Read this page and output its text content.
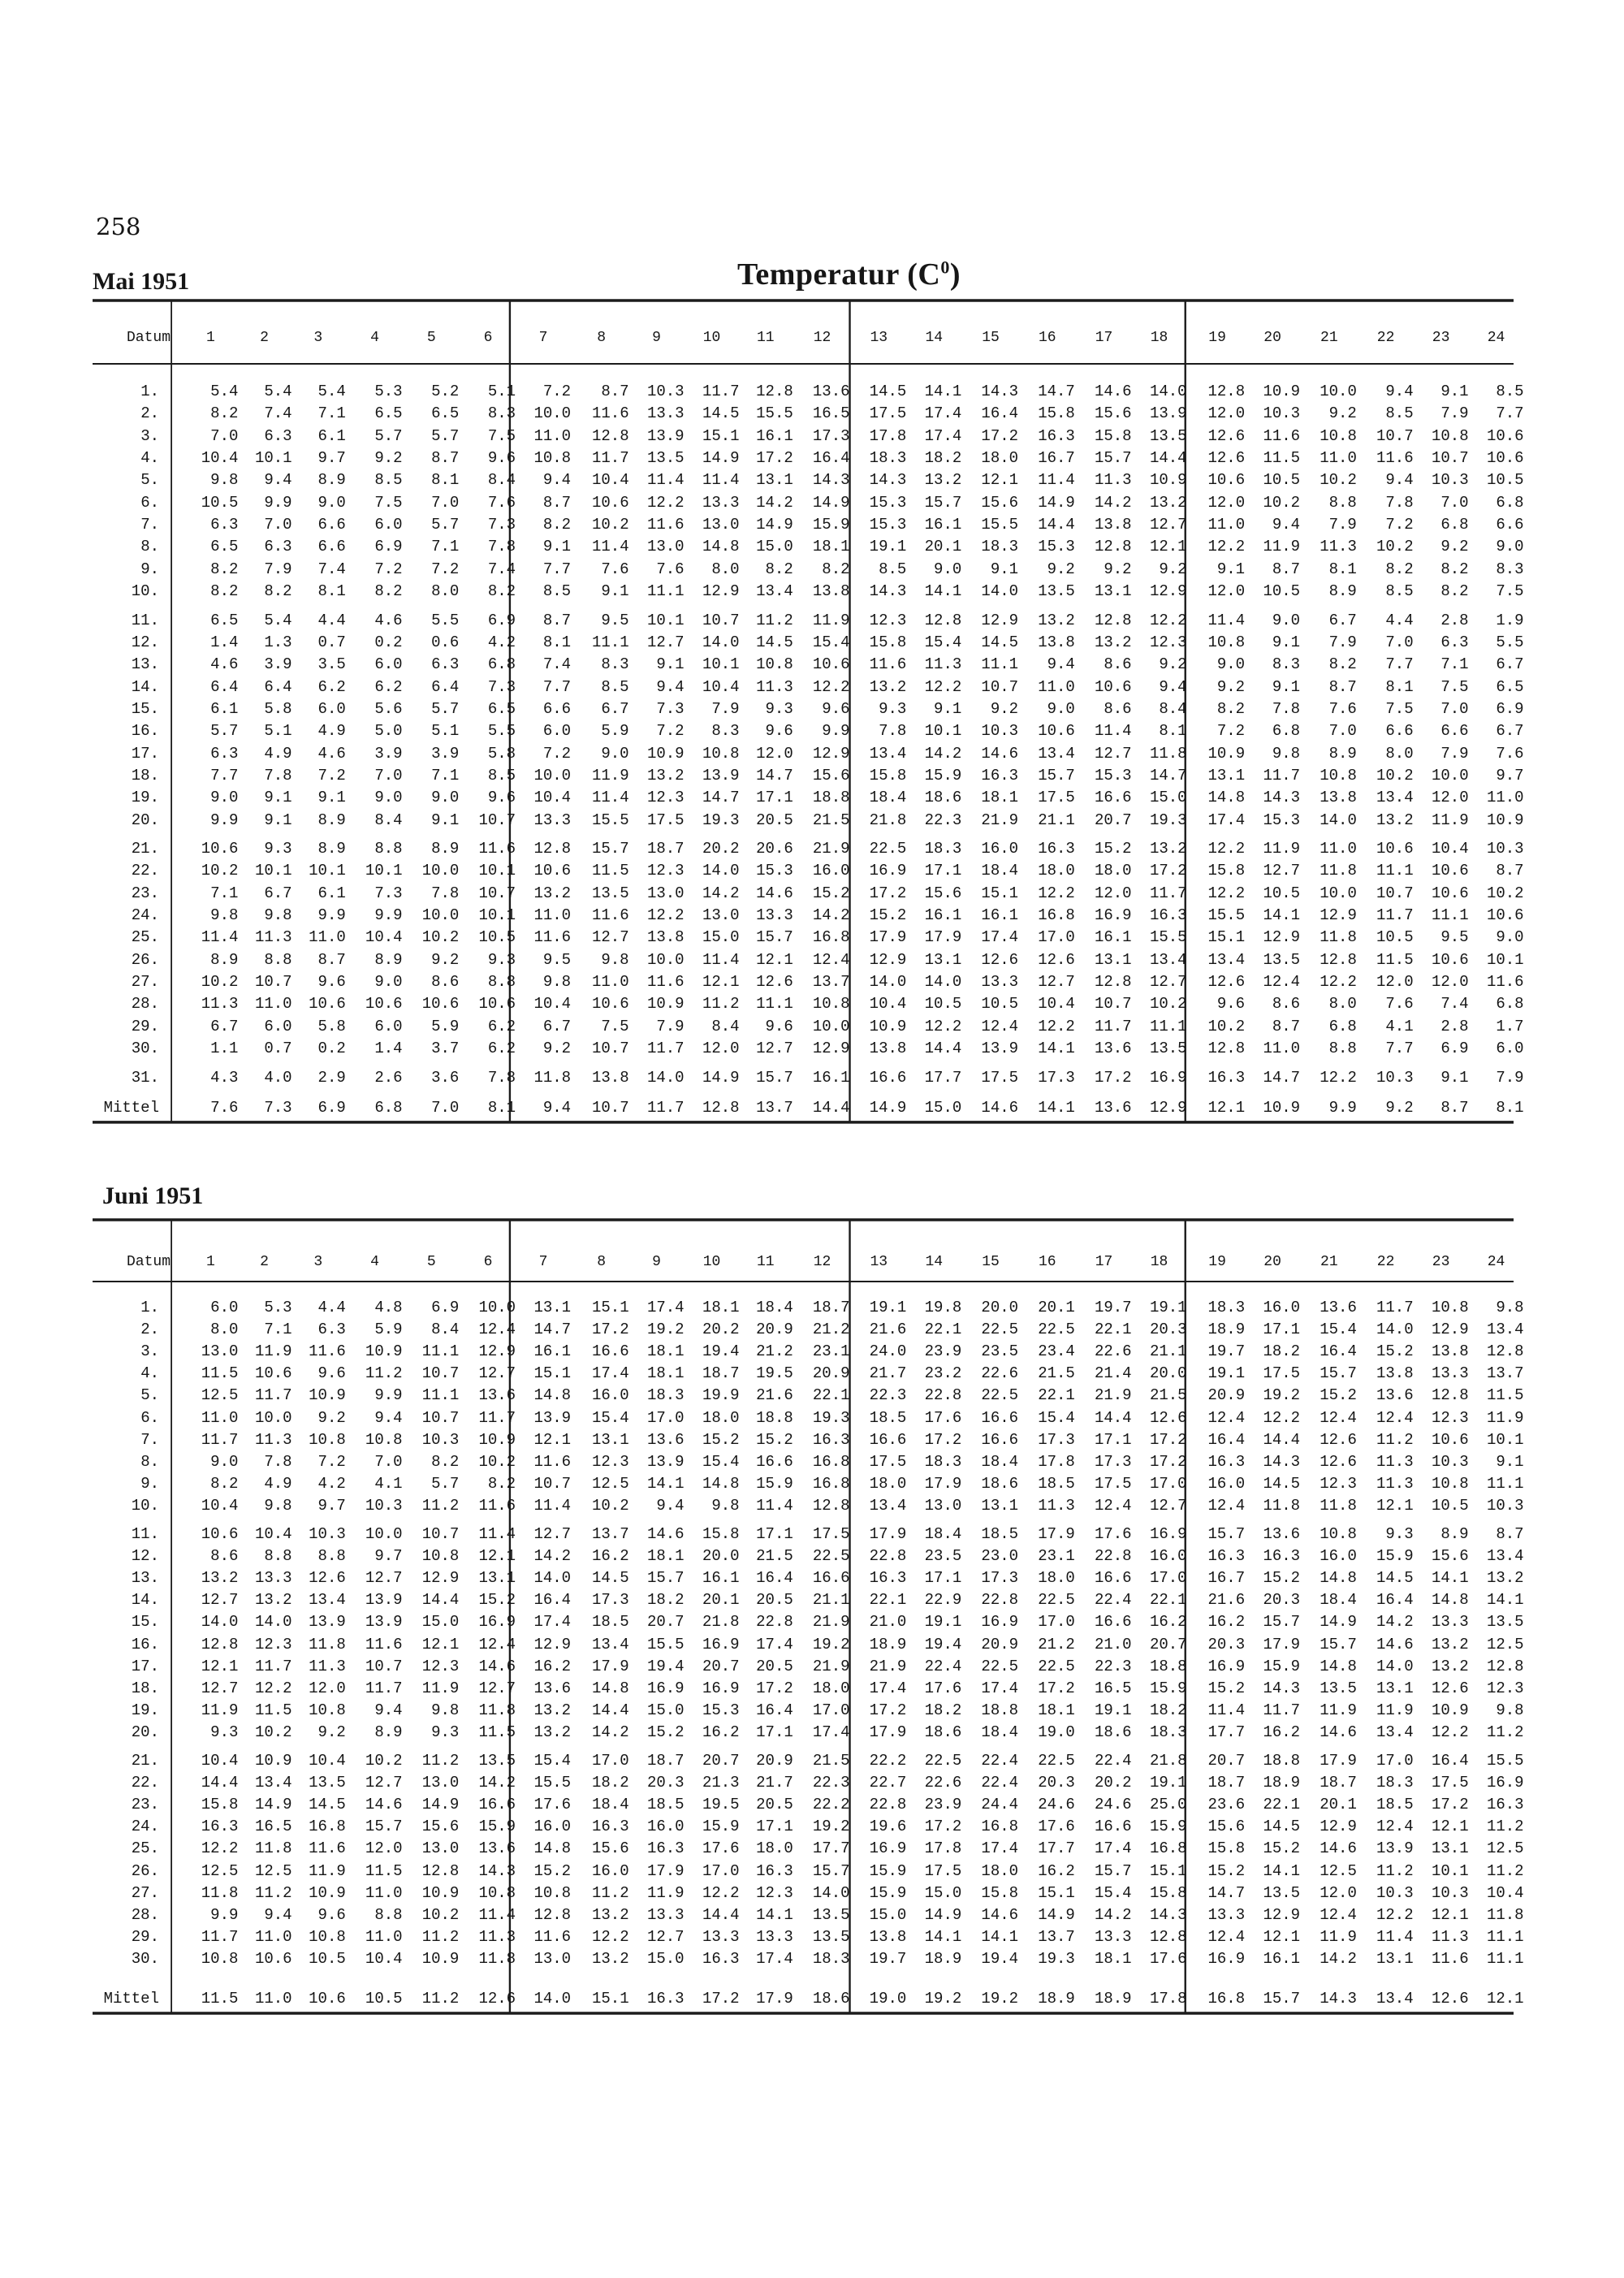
258
Mai 1951	Temperatur $(C^0)$
Juni 1951
Datum	1	2	3	4	5	6	7	8	9	10	11	12	13	14	15	16	17	18	19	20	21	22	23	24
1.	5.4	5.4	5.4	5.3	5.2	5.1	7.2	8.7	10.3	11.7	12.8	13.6	14.5	14.1	14.3	14.7	14.6	14.0	12.8	10.9	10.0	9.4	9.1	8.5
2.	8.2	7.4	7.1	6.5	6.5	8.3	10.0	11.6	13.3	14.5	15.5	16.5	17.5	17.4	16.4	15.8	15.6	13.9	12.0	10.3	9.2	8.5	7.9	7.7
3.	7.0	6.3	6.1	5.7	5.7	7.5	11.0	12.8	13.9	15.1	16.1	17.3	17.8	17.4	17.2	16.3	15.8	13.5	12.6	11.6	10.8	10.7	10.8	10.6
4.	10.4	10.1	9.7	9.2	8.7	9.6	10.8	11.7	13.5	14.9	17.2	16.4	18.3	18.2	18.0	16.7	15.7	14.4	12.6	11.5	11.0	11.6	10.7	10.6
5.	9.8	9.4	8.9	8.5	8.1	8.4	9.4	10.4	11.4	11.4	13.1	14.3	14.3	13.2	12.1	11.4	11.3	10.9	10.6	10.5	10.2	9.4	10.3	10.5
6.	10.5	9.9	9.0	7.5	7.0	7.6	8.7	10.6	12.2	13.3	14.2	14.9	15.3	15.7	15.6	14.9	14.2	13.2	12.0	10.2	8.8	7.8	7.0	6.8
7.	6.3	7.0	6.6	6.0	5.7	7.3	8.2	10.2	11.6	13.0	14.9	15.9	15.3	16.1	15.5	14.4	13.8	12.7	11.0	9.4	7.9	7.2	6.8	6.6
8.	6.5	6.3	6.6	6.9	7.1	7.8	9.1	11.4	13.0	14.8	15.0	18.1	19.1	20.1	18.3	15.3	12.8	12.1	12.2	11.9	11.3	10.2	9.2	9.0
9.	8.2	7.9	7.4	7.2	7.2	7.4	7.7	7.6	7.6	8.0	8.2	8.2	8.5	9.0	9.1	9.2	9.2	9.2	9.1	8.7	8.1	8.2	8.2	8.3
10.	8.2	8.2	8.1	8.2	8.0	8.2	8.5	9.1	11.1	12.9	13.4	13.8	14.3	14.1	14.0	13.5	13.1	12.9	12.0	10.5	8.9	8.5	8.2	7.5
11.	6.5	5.4	4.4	4.6	5.5	6.9	8.7	9.5	10.1	10.7	11.2	11.9	12.3	12.8	12.9	13.2	12.8	12.2	11.4	9.0	6.7	4.4	2.8	1.9
12.	1.4	1.3	0.7	0.2	0.6	4.2	8.1	11.1	12.7	14.0	14.5	15.4	15.8	15.4	14.5	13.8	13.2	12.3	10.8	9.1	7.9	7.0	6.3	5.5
13.	4.6	3.9	3.5	6.0	6.3	6.8	7.4	8.3	9.1	10.1	10.8	10.6	11.6	11.3	11.1	9.4	8.6	9.2	9.0	8.3	8.2	7.7	7.1	6.7
14.	6.4	6.4	6.2	6.2	6.4	7.3	7.7	8.5	9.4	10.4	11.3	12.2	13.2	12.2	10.7	11.0	10.6	9.4	9.2	9.1	8.7	8.1	7.5	6.5
15.	6.1	5.8	6.0	5.6	5.7	6.5	6.6	6.7	7.3	7.9	9.3	9.6	9.3	9.1	9.2	9.0	8.6	8.4	8.2	7.8	7.6	7.5	7.0	6.9
16.	5.7	5.1	4.9	5.0	5.1	5.5	6.0	5.9	7.2	8.3	9.6	9.9	7.8	10.1	10.3	10.6	11.4	8.1	7.2	6.8	7.0	6.6	6.6	6.7
17.	6.3	4.9	4.6	3.9	3.9	5.8	7.2	9.0	10.9	10.8	12.0	12.9	13.4	14.2	14.6	13.4	12.7	11.8	10.9	9.8	8.9	8.0	7.9	7.6
18.	7.7	7.8	7.2	7.0	7.1	8.5	10.0	11.9	13.2	13.9	14.7	15.6	15.8	15.9	16.3	15.7	15.3	14.7	13.1	11.7	10.8	10.2	10.0	9.7
19.	9.0	9.1	9.1	9.0	9.0	9.6	10.4	11.4	12.3	14.7	17.1	18.8	18.4	18.6	18.1	17.5	16.6	15.0	14.8	14.3	13.8	13.4	12.0	11.0
20.	9.9	9.1	8.9	8.4	9.1	10.7	13.3	15.5	17.5	19.3	20.5	21.5	21.8	22.3	21.9	21.1	20.7	19.3	17.4	15.3	14.0	13.2	11.9	10.9
21.	10.6	9.3	8.9	8.8	8.9	11.6	12.8	15.7	18.7	20.2	20.6	21.9	22.5	18.3	16.0	16.3	15.2	13.2	12.2	11.9	11.0	10.6	10.4	10.3
22.	10.2	10.1	10.1	10.1	10.0	10.1	10.6	11.5	12.3	14.0	15.3	16.0	16.9	17.1	18.4	18.0	18.0	17.2	15.8	12.7	11.8	11.1	10.6	8.7
23.	7.1	6.7	6.1	7.3	7.8	10.7	13.2	13.5	13.0	14.2	14.6	15.2	17.2	15.6	15.1	12.2	12.0	11.7	12.2	10.5	10.0	10.7	10.6	10.2
24.	9.8	9.8	9.9	9.9	10.0	10.1	11.0	11.6	12.2	13.0	13.3	14.2	15.2	16.1	16.1	16.8	16.9	16.3	15.5	14.1	12.9	11.7	11.1	10.6
25.	11.4	11.3	11.0	10.4	10.2	10.5	11.6	12.7	13.8	15.0	15.7	16.8	17.9	17.9	17.4	17.0	16.1	15.5	15.1	12.9	11.8	10.5	9.5	9.0
26.	8.9	8.8	8.7	8.9	9.2	9.3	9.5	9.8	10.0	11.4	12.1	12.4	12.9	13.1	12.6	12.6	13.1	13.4	13.4	13.5	12.8	11.5	10.6	10.1
27.	10.2	10.7	9.6	9.0	8.6	8.8	9.8	11.0	11.6	12.1	12.6	13.7	14.0	14.0	13.3	12.7	12.8	12.7	12.6	12.4	12.2	12.0	12.0	11.6
28.	11.3	11.0	10.6	10.6	10.6	10.6	10.4	10.6	10.9	11.2	11.1	10.8	10.4	10.5	10.5	10.4	10.7	10.2	9.6	8.6	8.0	7.6	7.4	6.8
29.	6.7	6.0	5.8	6.0	5.9	6.2	6.7	7.5	7.9	8.4	9.6	10.0	10.9	12.2	12.4	12.2	11.7	11.1	10.2	8.7	6.8	4.1	2.8	1.7
30.	1.1	0.7	0.2	1.4	3.7	6.2	9.2	10.7	11.7	12.0	12.7	12.9	13.8	14.4	13.9	14.1	13.6	13.5	12.8	11.0	8.8	7.7	6.9	6.0
31.	4.3	4.0	2.9	2.6	3.6	7.8	11.8	13.8	14.0	14.9	15.7	16.1	16.6	17.7	17.5	17.3	17.2	16.9	16.3	14.7	12.2	10.3	9.1	7.9
Mittel	7.6	7.3	6.9	6.8	7.0	8.1	9.4	10.7	11.7	12.8	13.7	14.4	14.9	15.0	14.6	14.1	13.6	12.9	12.1	10.9	9.9	9.2	8.7	8.1
Datum	1	2	3	4	5	6	7	8	9	10	11	12	13	14	15	16	17	18	19	20	21	22	23	24
1.	6.0	5.3	4.4	4.8	6.9	10.0	13.1	15.1	17.4	18.1	18.4	18.7	19.1	19.8	20.0	20.1	19.7	19.1	18.3	16.0	13.6	11.7	10.8	9.8
2.	8.0	7.1	6.3	5.9	8.4	12.4	14.7	17.2	19.2	20.2	20.9	21.2	21.6	22.1	22.5	22.5	22.1	20.3	18.9	17.1	15.4	14.0	12.9	13.4
3.	13.0	11.9	11.6	10.9	11.1	12.9	16.1	16.6	18.1	19.4	21.2	23.1	24.0	23.9	23.5	23.4	22.6	21.1	19.7	18.2	16.4	15.2	13.8	12.8
4.	11.5	10.6	9.6	11.2	10.7	12.7	15.1	17.4	18.1	18.7	19.5	20.9	21.7	23.2	22.6	21.5	21.4	20.0	19.1	17.5	15.7	13.8	13.3	13.7
5.	12.5	11.7	10.9	9.9	11.1	13.6	14.8	16.0	18.3	19.9	21.6	22.1	22.3	22.8	22.5	22.1	21.9	21.5	20.9	19.2	15.2	13.6	12.8	11.5
6.	11.0	10.0	9.2	9.4	10.7	11.7	13.9	15.4	17.0	18.0	18.8	19.3	18.5	17.6	16.6	15.4	14.4	12.6	12.4	12.2	12.4	12.4	12.3	11.9
7.	11.7	11.3	10.8	10.8	10.3	10.9	12.1	13.1	13.6	15.2	15.2	16.3	16.6	17.2	16.6	17.3	17.1	17.2	16.4	14.4	12.6	11.2	10.6	10.1
8.	9.0	7.8	7.2	7.0	8.2	10.2	11.6	12.3	13.9	15.4	16.6	16.8	17.5	18.3	18.4	17.8	17.3	17.2	16.3	14.3	12.6	11.3	10.3	9.1
9.	8.2	4.9	4.2	4.1	5.7	8.2	10.7	12.5	14.1	14.8	15.9	16.8	18.0	17.9	18.6	18.5	17.5	17.0	16.0	14.5	12.3	11.3	10.8	11.1
10.	10.4	9.8	9.7	10.3	11.2	11.6	11.4	10.2	9.4	9.8	11.4	12.8	13.4	13.0	13.1	11.3	12.4	12.7	12.4	11.8	11.8	12.1	10.5	10.3
11.	10.6	10.4	10.3	10.0	10.7	11.4	12.7	13.7	14.6	15.8	17.1	17.5	17.9	18.4	18.5	17.9	17.6	16.9	15.7	13.6	10.8	9.3	8.9	8.7
12.	8.6	8.8	8.8	9.7	10.8	12.1	14.2	16.2	18.1	20.0	21.5	22.5	22.8	23.5	23.0	23.1	22.8	16.0	16.3	16.3	16.0	15.9	15.6	13.4
13.	13.2	13.3	12.6	12.7	12.9	13.1	14.0	14.5	15.7	16.1	16.4	16.6	16.3	17.1	17.3	18.0	16.6	17.0	16.7	15.2	14.8	14.5	14.1	13.2
14.	12.7	13.2	13.4	13.9	14.4	15.2	16.4	17.3	18.2	20.1	20.5	21.1	22.1	22.9	22.8	22.5	22.4	22.1	21.6	20.3	18.4	16.4	14.8	14.1
15.	14.0	14.0	13.9	13.9	15.0	16.9	17.4	18.5	20.7	21.8	22.8	21.9	21.0	19.1	16.9	17.0	16.6	16.2	16.2	15.7	14.9	14.2	13.3	13.5
16.	12.8	12.3	11.8	11.6	12.1	12.4	12.9	13.4	15.5	16.9	17.4	19.2	18.9	19.4	20.9	21.2	21.0	20.7	20.3	17.9	15.7	14.6	13.2	12.5
17.	12.1	11.7	11.3	10.7	12.3	14.6	16.2	17.9	19.4	20.7	20.5	21.9	21.9	22.4	22.5	22.5	22.3	18.8	16.9	15.9	14.8	14.0	13.2	12.8
18.	12.7	12.2	12.0	11.7	11.9	12.7	13.6	14.8	16.9	16.9	17.2	18.0	17.4	17.6	17.4	17.2	16.5	15.9	15.2	14.3	13.5	13.1	12.6	12.3
19.	11.9	11.5	10.8	9.4	9.8	11.8	13.2	14.4	15.0	15.3	16.4	17.0	17.2	18.2	18.8	18.1	19.1	18.2	11.4	11.7	11.9	11.9	10.9	9.8
20.	9.3	10.2	9.2	8.9	9.3	11.5	13.2	14.2	15.2	16.2	17.1	17.4	17.9	18.6	18.4	19.0	18.6	18.3	17.7	16.2	14.6	13.4	12.2	11.2
21.	10.4	10.9	10.4	10.2	11.2	13.5	15.4	17.0	18.7	20.7	20.9	21.5	22.2	22.5	22.4	22.5	22.4	21.8	20.7	18.8	17.9	17.0	16.4	15.5
22.	14.4	13.4	13.5	12.7	13.0	14.2	15.5	18.2	20.3	21.3	21.7	22.3	22.7	22.6	22.4	20.3	20.2	19.1	18.7	18.9	18.7	18.3	17.5	16.9
23.	15.8	14.9	14.5	14.6	14.9	16.6	17.6	18.4	18.5	19.5	20.5	22.2	22.8	23.9	24.4	24.6	24.6	25.0	23.6	22.1	20.1	18.5	17.2	16.3
24.	16.3	16.5	16.8	15.7	15.6	15.9	16.0	16.3	16.0	15.9	17.1	19.2	19.6	17.2	16.8	17.6	16.6	15.9	15.6	14.5	12.9	12.4	12.1	11.2
25.	12.2	11.8	11.6	12.0	13.0	13.6	14.8	15.6	16.3	17.6	18.0	17.7	16.9	17.8	17.4	17.7	17.4	16.8	15.8	15.2	14.6	13.9	13.1	12.5
26.	12.5	12.5	11.9	11.5	12.8	14.3	15.2	16.0	17.9	17.0	16.3	15.7	15.9	17.5	18.0	16.2	15.7	15.1	15.2	14.1	12.5	11.2	10.1	11.2
27.	11.8	11.2	10.9	11.0	10.9	10.8	10.8	11.2	11.9	12.2	12.3	14.0	15.9	15.0	15.8	15.1	15.4	15.8	14.7	13.5	12.0	10.3	10.3	10.4
28.	9.9	9.4	9.6	8.8	10.2	11.4	12.8	13.2	13.3	14.4	14.1	13.5	15.0	14.9	14.6	14.9	14.2	14.3	13.3	12.9	12.4	12.2	12.1	11.8
29.	11.7	11.0	10.8	11.0	11.2	11.3	11.6	12.2	12.7	13.3	13.3	13.5	13.8	14.1	14.1	13.7	13.3	12.8	12.4	12.1	11.9	11.4	11.3	11.1
30.	10.8	10.6	10.5	10.4	10.9	11.8	13.0	13.2	15.0	16.3	17.4	18.3	19.7	18.9	19.4	19.3	18.1	17.6	16.9	16.1	14.2	13.1	11.6	11.1
Mittel	11.5	11.0	10.6	10.5	11.2	12.6	14.0	15.1	16.3	17.2	17.9	18.6	19.0	19.2	19.2	18.9	18.9	17.8	16.8	15.7	14.3	13.4	12.6	12.1
